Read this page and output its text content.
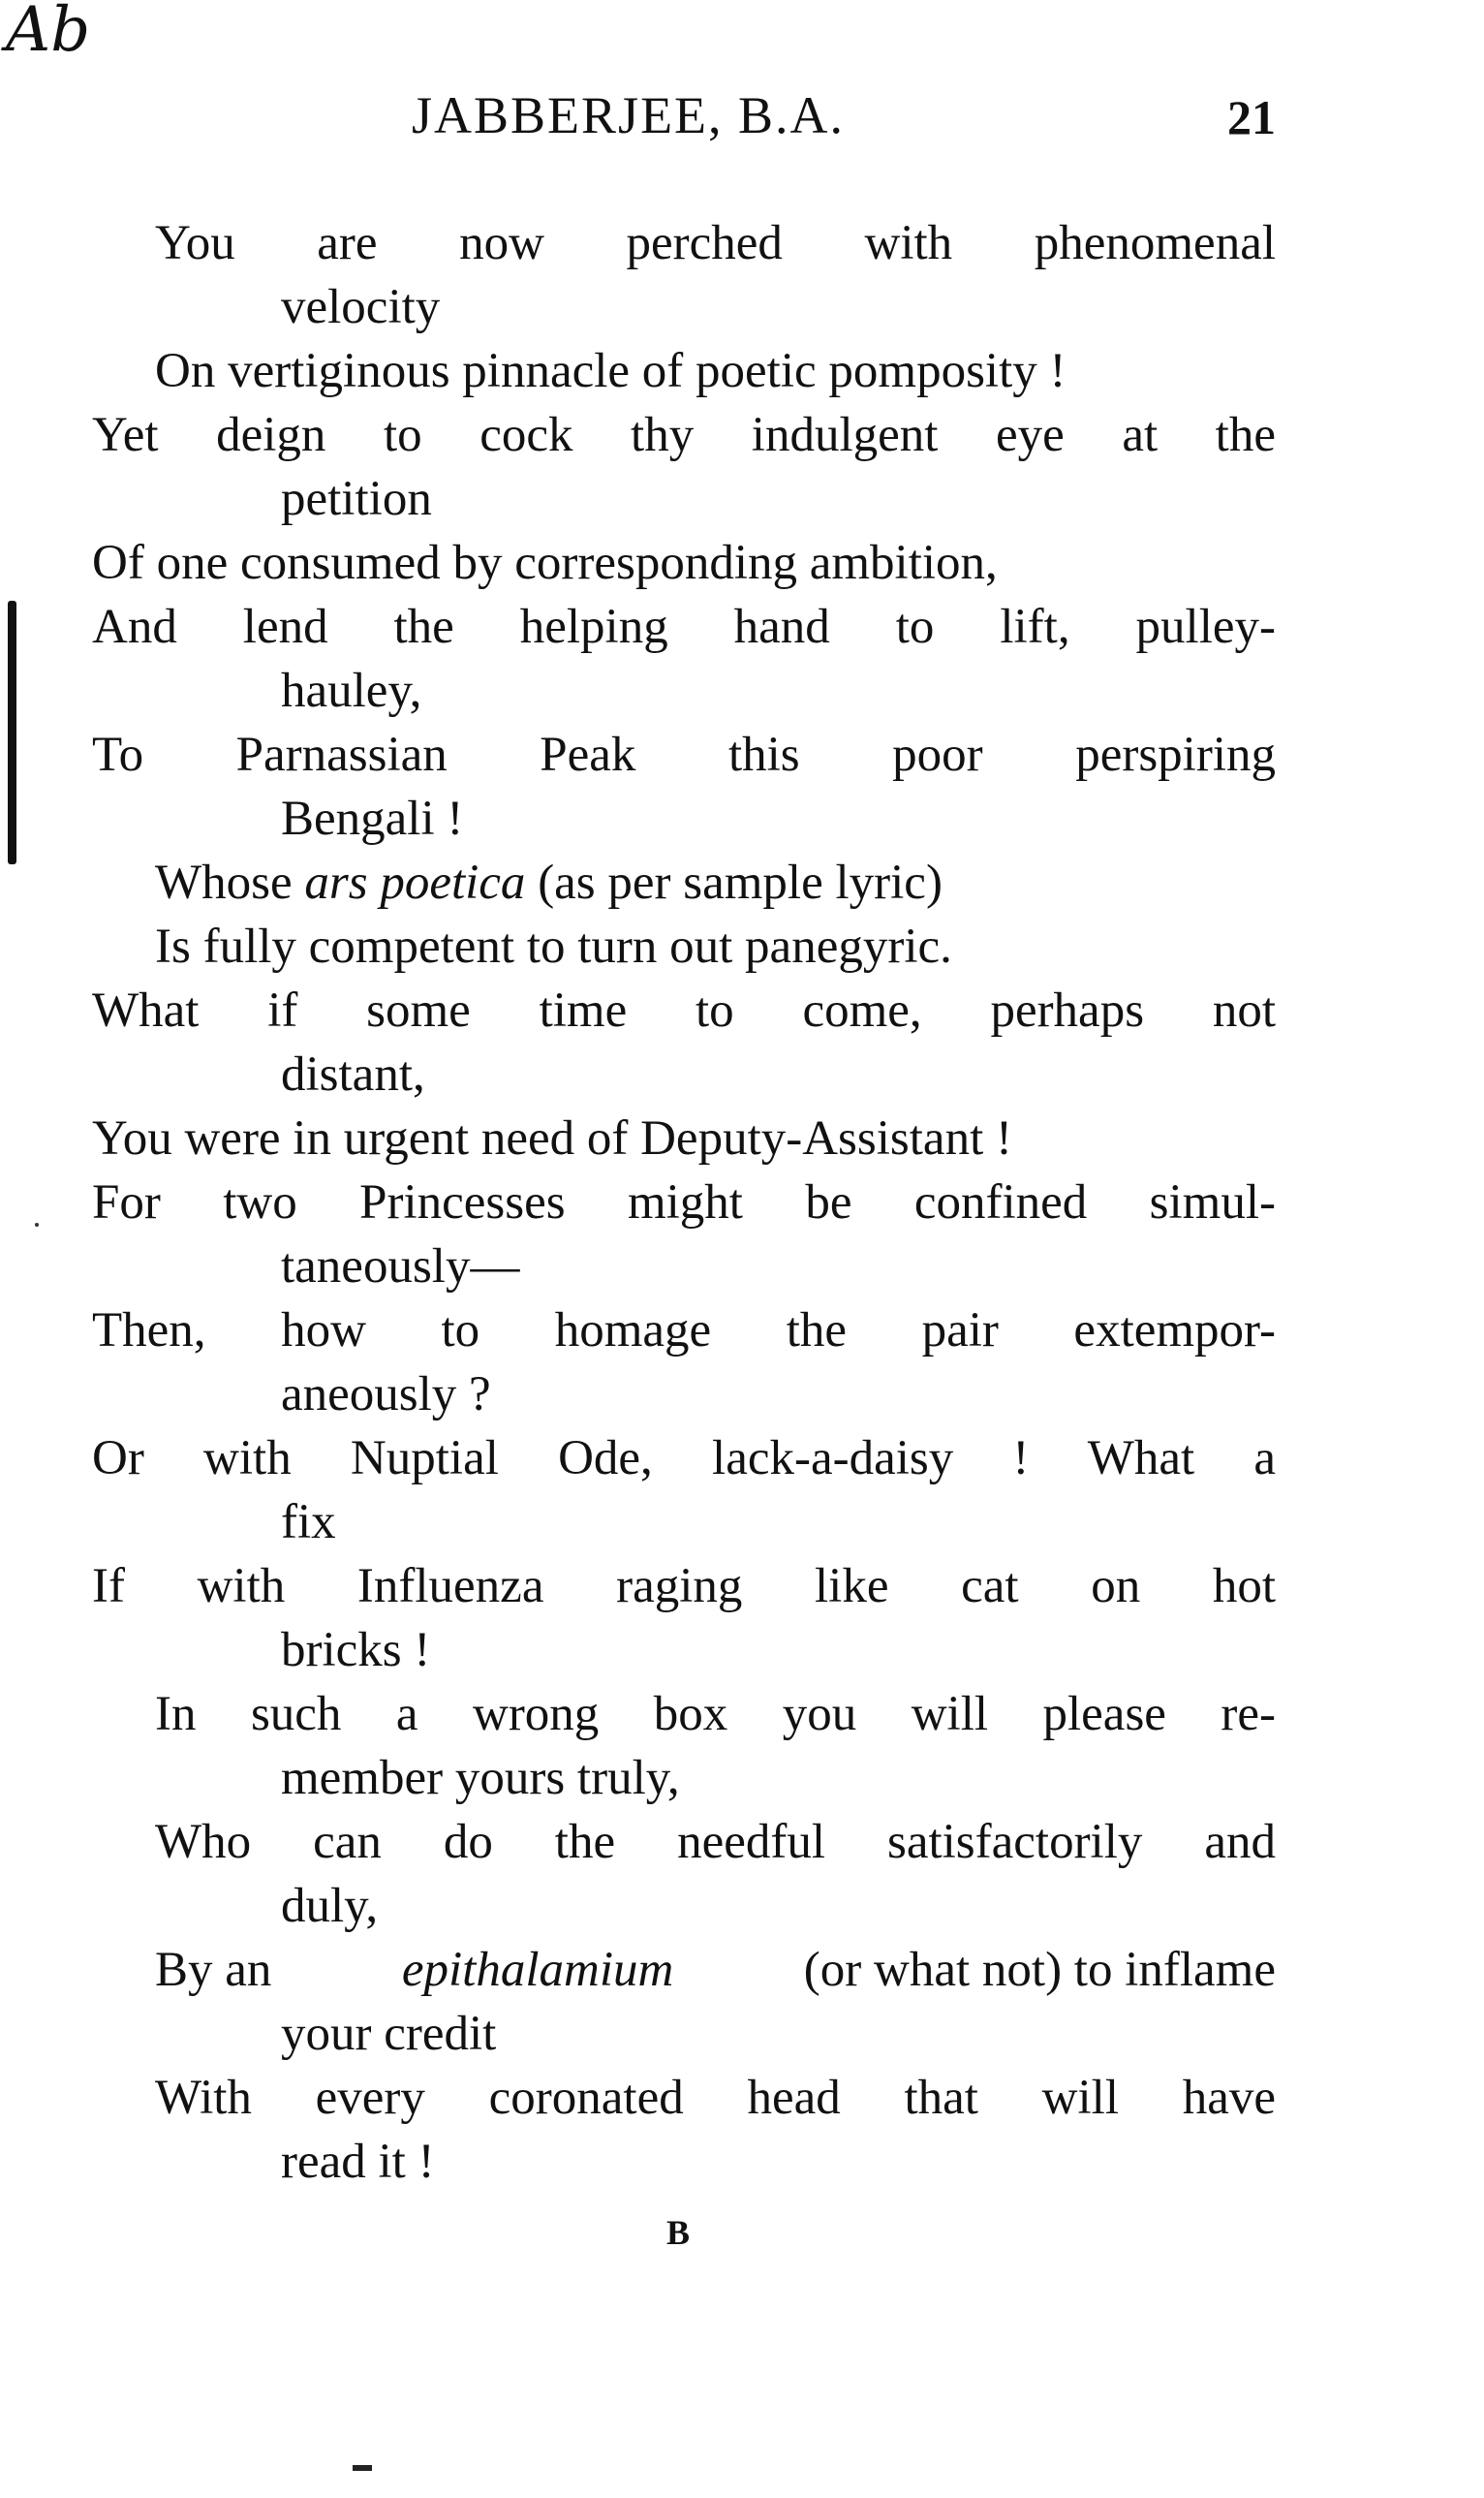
Ab
JABBERJEE, B.A.	21
You are now perched with phenomenal
velocity
On vertiginous pinnacle of poetic pomposity !
Yet deign to cock thy indulgent eye at the
petition
Of one consumed by corresponding ambition,
And lend the helping hand to lift, pulley-
hauley,
To Parnassian Peak this poor perspiring
Bengali !
Whose ars poetica (as per sample lyric)
Is fully competent to turn out panegyric.
What if some time to come, perhaps not
distant,
You were in urgent need of Deputy-Assistant !
For two Princesses might be confined simul-
taneously—
Then, how to homage the pair extempor-
aneously ?
Or with Nuptial Ode, lack-a-daisy ! What a
fix
If with Influenza raging like cat on hot
bricks !
In such a wrong box you will please re-
member yours truly,
Who can do the needful satisfactorily and
duly,
By an	epithalamium	(or what not) to inflame
your credit
With every coronated head that will have
read it !
B
